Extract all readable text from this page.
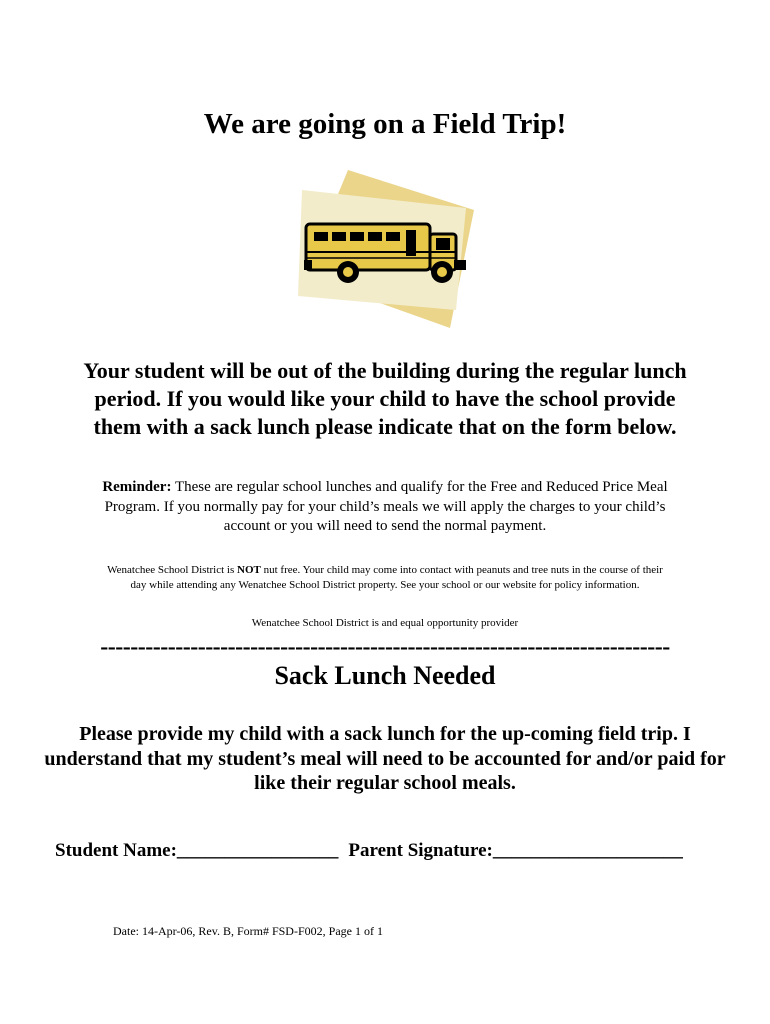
We are going on a Field Trip!
Your student will be out of the building during the regular lunch period. If you would like your child to have the school provide them with a sack lunch please indicate that on the form below.
Reminder: These are regular school lunches and qualify for the Free and Reduced Price Meal Program. If you normally pay for your child’s meals we will apply the charges to your child’s account or you will need to send the normal payment.
Wenatchee School District is NOT nut free. Your child may come into contact with peanuts and tree nuts in the course of their day while attending any Wenatchee School District property. See your school or our website for policy information.
Wenatchee School District is and equal opportunity provider
----------------------------------------------------------------------------
Sack Lunch Needed
Please provide my child with a sack lunch for the up-coming field trip. I understand that my student’s meal will need to be accounted for and/or paid for like their regular school meals.
Student Name:_________________ Parent Signature:____________________
Date: 14-Apr-06, Rev. B, Form# FSD-F002, Page 1 of 1
